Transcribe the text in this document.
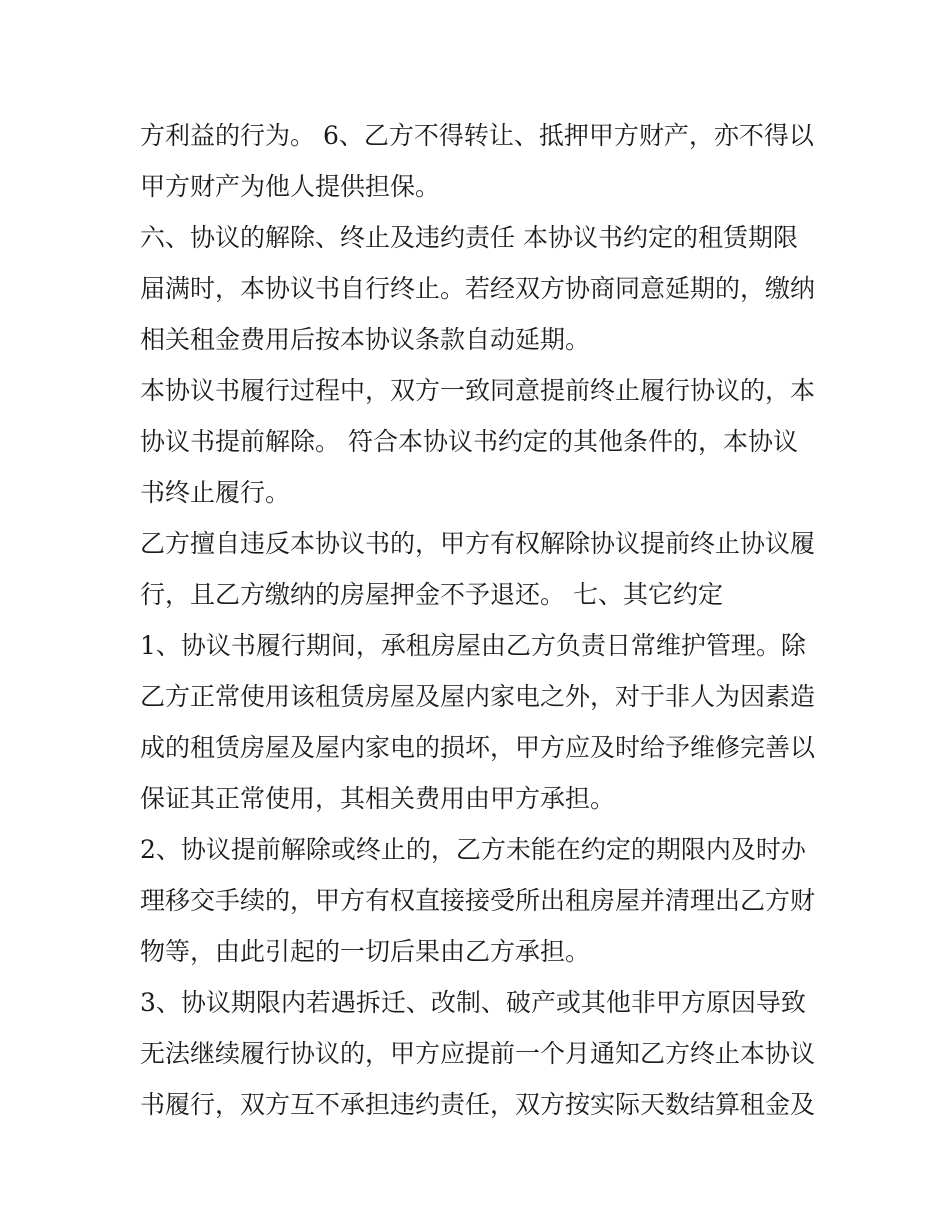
方利益的行为。 6、乙方不得转让、抵押甲方财产，亦不得以
甲方财产为他人提供担保。
六、协议的解除、终止及违约责任 本协议书约定的租赁期限
届满时，本协议书自行终止。若经双方协商同意延期的，缴纳
相关租金费用后按本协议条款自动延期。
本协议书履行过程中，双方一致同意提前终止履行协议的，本
协议书提前解除。 符合本协议书约定的其他条件的，本协议
书终止履行。
乙方擅自违反本协议书的，甲方有权解除协议提前终止协议履
行，且乙方缴纳的房屋押金不予退还。 七、其它约定
1、协议书履行期间，承租房屋由乙方负责日常维护管理。除
乙方正常使用该租赁房屋及屋内家电之外，对于非人为因素造
成的租赁房屋及屋内家电的损坏，甲方应及时给予维修完善以
保证其正常使用，其相关费用由甲方承担。
2、协议提前解除或终止的，乙方未能在约定的期限内及时办
理移交手续的，甲方有权直接接受所出租房屋并清理出乙方财
物等，由此引起的一切后果由乙方承担。
3、协议期限内若遇拆迁、改制、破产或其他非甲方原因导致
无法继续履行协议的，甲方应提前一个月通知乙方终止本协议
书履行，双方互不承担违约责任，双方按实际天数结算租金及
